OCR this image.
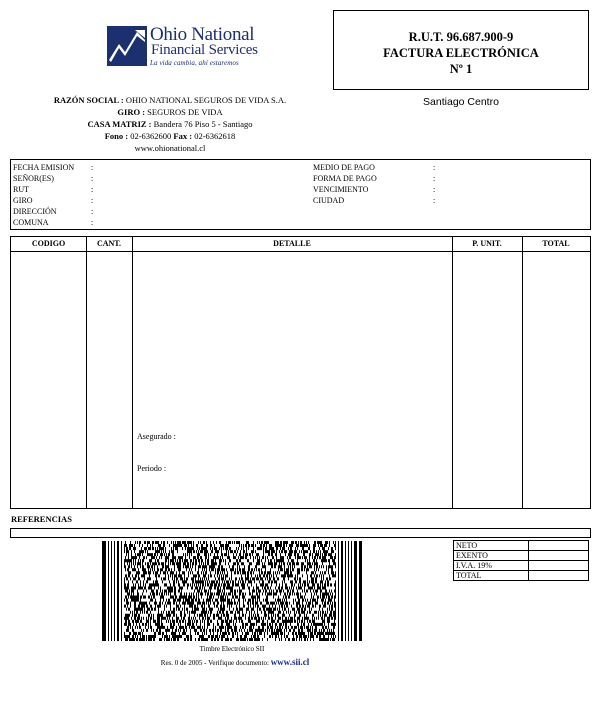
Ohio National
Financial Services
La vida cambia, ahí estaremos
R.U.T. 96.687.900-9
FACTURA ELECTRÓNICA
Nº 1
Santiago Centro
RAZÓN SOCIAL : OHIO NATIONAL SEGUROS DE VIDA S.A.
GIRO : SEGUROS DE VIDA
CASA MATRIZ : Bandera 76 Piso 5 - Santiago
Fono : 02-6362600 Fax : 02-6362618
www.ohionational.cl
FECHA EMISION	:
SEÑOR(ES)	:
RUT	:
GIRO	:
DIRECCIÓN	:
COMUNA	:
MEDIO DE PAGO	:
FORMA DE PAGO	:
VENCIMIENTO	:
CIUDAD	:
CODIGO	CANT.	DETALLE	P. UNIT.	TOTAL
Asegurado :
Periodo :
REFERENCIAS
Timbre Electrónico SII
Res. 0 de 2005 - Verifique documento: www.sii.cl
NETO	
EXENTO	
I.V.A. 19%	
TOTAL	
